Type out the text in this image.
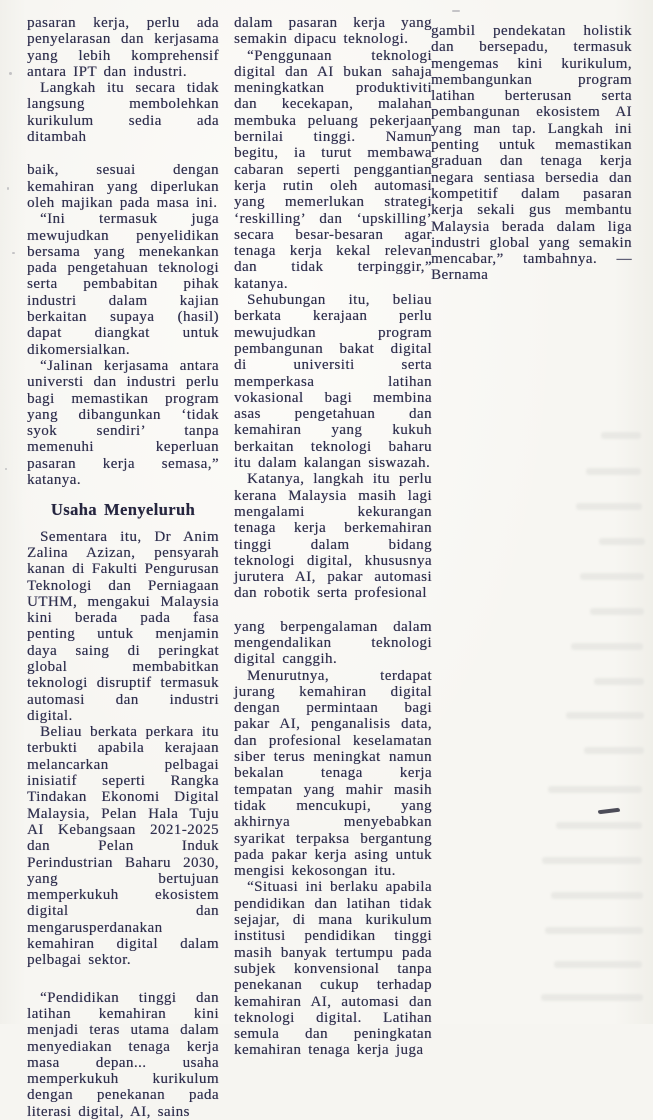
pasaran kerja, perlu ada penyelarasan dan kerjasama yang lebih komprehensif antara IPT dan industri.

Langkah itu secara tidak langsung membolehkan kurikulum sedia ada ditambah

baik, sesuai dengan kemahiran yang diperlukan oleh majikan pada masa ini.

“Ini termasuk juga mewujudkan penyelidikan bersama yang menekankan pada pengetahuan teknologi serta pembabitan pihak industri dalam kajian berkaitan supaya (hasil) dapat diangkat untuk dikomersialkan.

“Jalinan kerjasama antara universti dan industri perlu bagi memastikan program yang dibangunkan ‘tidak syok sendiri’ tanpa memenuhi keperluan pasaran kerja semasa,” katanya.

Usaha Menyeluruh

Sementara itu, Dr Anim Zalina Azizan, pensyarah kanan di Fakulti Pengurusan Teknologi dan Perniagaan UTHM, mengakui Malaysia kini berada pada fasa penting untuk menjamin daya saing di peringkat global membabitkan teknologi disruptif termasuk automasi dan industri digital.

Beliau berkata perkara itu terbukti apabila kerajaan melancarkan pelbagai inisiatif seperti Rangka Tindakan Ekonomi Digital Malaysia, Pelan Hala Tuju AI Kebangsaan 2021-2025 dan Pelan Induk Perindustrian Baharu 2030, yang bertujuan memperkukuh ekosistem digital dan mengarusperdanakan kemahiran digital dalam pelbagai sektor.

“Pendidikan tinggi dan latihan kemahiran kini menjadi teras utama dalam menyediakan tenaga kerja masa depan... usaha memperkukuh kurikulum dengan penekanan pada literasi digital, AI, sains

dalam pasaran kerja yang semakin dipacu teknologi.

“Penggunaan teknologi digital dan AI bukan sahaja meningkatkan produktiviti dan kecekapan, malahan membuka peluang pekerjaan bernilai tinggi. Namun begitu, ia turut membawa cabaran seperti penggantian kerja rutin oleh automasi yang memerlukan strategi ‘reskilling’ dan ‘upskilling’ secara besar-besaran agar tenaga kerja kekal relevan dan tidak terpinggir,” katanya.

Sehubungan itu, beliau berkata kerajaan perlu mewujudkan program pembangunan bakat digital di universiti serta memperkasa latihan vokasional bagi membina asas pengetahuan dan kemahiran yang kukuh berkaitan teknologi baharu itu dalam kalangan siswazah.

Katanya, langkah itu perlu kerana Malaysia masih lagi mengalami kekurangan tenaga kerja berkemahiran tinggi dalam bidang teknologi digital, khususnya jurutera AI, pakar automasi dan robotik serta profesional

yang berpengalaman dalam mengendalikan teknologi digital canggih.

Menurutnya, terdapat jurang kemahiran digital dengan permintaan bagi pakar AI, penganalisis data, dan profesional keselamatan siber terus meningkat namun bekalan tenaga kerja tempatan yang mahir masih tidak mencukupi, yang akhirnya menyebabkan syarikat terpaksa bergantung pada pakar kerja asing untuk mengisi kekosongan itu.

“Situasi ini berlaku apabila pendidikan dan latihan tidak sejajar, di mana kurikulum institusi pendidikan tinggi masih banyak tertumpu pada subjek konvensional tanpa penekanan cukup terhadap kemahiran AI, automasi dan teknologi digital. Latihan semula dan peningkatan kemahiran tenaga kerja juga

gambil pendekatan holistik dan bersepadu, termasuk mengemas kini kurikulum, membangunkan program latihan berterusan serta pembangunan ekosistem AI yang man tap. Langkah ini penting untuk memastikan graduan dan tenaga kerja negara sentiasa bersedia dan kompetitif dalam pasaran kerja sekali gus membantu Malaysia berada dalam liga industri global yang semakin mencabar,” tambahnya. — Bernama
